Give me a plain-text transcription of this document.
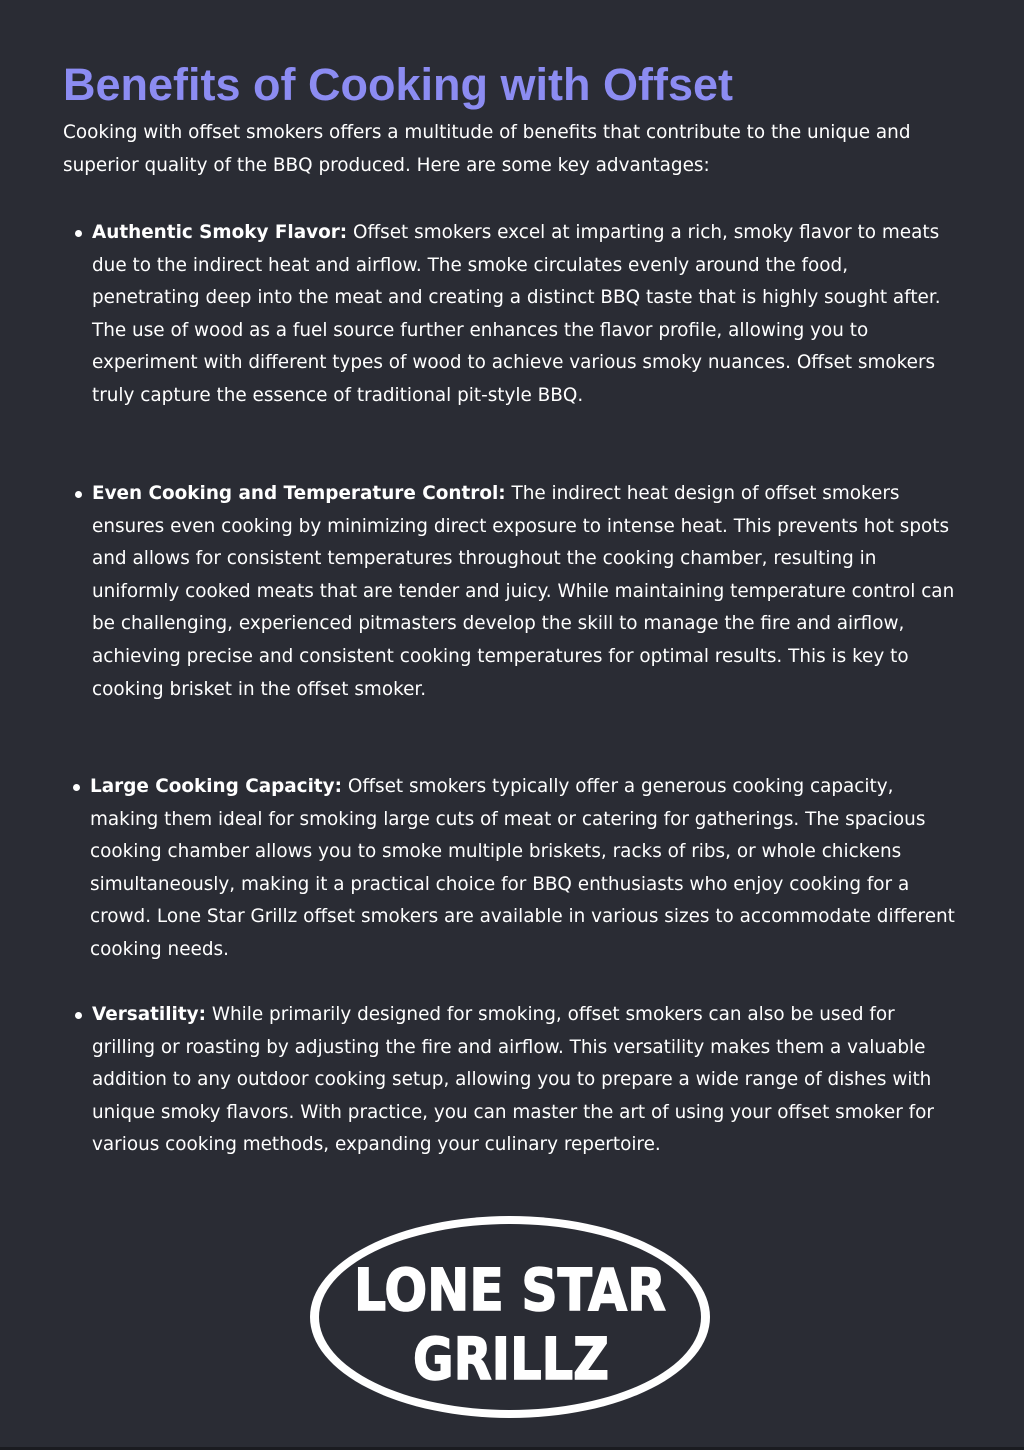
Benefits of Cooking with Offset

Cooking with offset smokers offers a multitude of benefits that contribute to the unique and superior quality of the BBQ produced. Here are some key advantages:

Authentic Smoky Flavor: Offset smokers excel at imparting a rich, smoky flavor to meats due to the indirect heat and airflow. The smoke circulates evenly around the food, penetrating deep into the meat and creating a distinct BBQ taste that is highly sought after. The use of wood as a fuel source further enhances the flavor profile, allowing you to experiment with different types of wood to achieve various smoky nuances. Offset smokers truly capture the essence of traditional pit-style BBQ.
Even Cooking and Temperature Control: The indirect heat design of offset smokers ensures even cooking by minimizing direct exposure to intense heat. This prevents hot spots and allows for consistent temperatures throughout the cooking chamber, resulting in uniformly cooked meats that are tender and juicy. While maintaining temperature control can be challenging, experienced pitmasters develop the skill to manage the fire and airflow, achieving precise and consistent cooking temperatures for optimal results. This is key to cooking brisket in the offset smoker.
Large Cooking Capacity: Offset smokers typically offer a generous cooking capacity, making them ideal for smoking large cuts of meat or catering for gatherings. The spacious cooking chamber allows you to smoke multiple briskets, racks of ribs, or whole chickens simultaneously, making it a practical choice for BBQ enthusiasts who enjoy cooking for a crowd. Lone Star Grillz offset smokers are available in various sizes to accommodate different cooking needs.
Versatility: While primarily designed for smoking, offset smokers can also be used for grilling or roasting by adjusting the fire and airflow. This versatility makes them a valuable addition to any outdoor cooking setup, allowing you to prepare a wide range of dishes with unique smoky flavors. With practice, you can master the art of using your offset smoker for various cooking methods, expanding your culinary repertoire.
LONE STAR
GRILLZ
